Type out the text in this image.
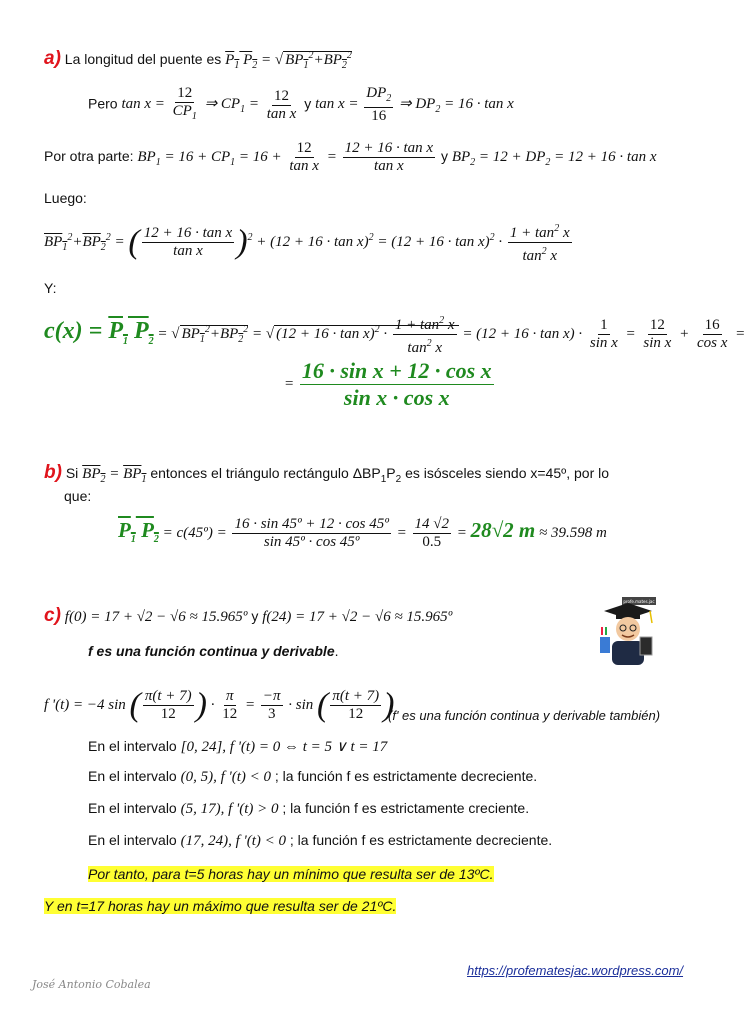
a) La longitud del puente es $P_1$ $P_2$ = √ $BP_1^2+BP_2^2$
Pero $\tan x = \frac{12}{CP_1}$ ⇒ $CP_1 = \frac{12}{\text{tan x}}$ y $\tan x = \frac{DP_2}{16}$ ⇒ $DP_2 = 16 \cdot \tan x$
Por otra parte: $BP_1 = 16 + CP_1 = 16 + \frac{12}{\text{tan x}} = \frac{\text{12 + 16 · tan x}}{\text{tan x}}$ y $BP_2 = 12 + DP_2 = 12 + 16 \cdot \tan x$
Luego:
$BP_1^2+BP_2^2$ = ( $\frac{\text{12 + 16 · tan x}}{\text{tan x}} )^2 + (12 + 16 \cdot \tan x)^2 = (12 + 16 \cdot \tan x)^2 \cdot \frac{1 + \tan^2 x}{\tan^2 x}$
Y:
$c(x) = P_1$ $P_2$ = √ $BP_1^2+BP_2^2$ = √ $(12 + 16 \cdot \tan x)^2 \cdot \frac{1 + \tan^2 x}{\tan^2 x} = (12 + 16 \cdot \tan x) \cdot \frac{1}{\text{sin x}} = \frac{12}{\text{sin x}} + \frac{16}{\text{cos x}}$ =
= $\frac{\text{16 · sin x + 12 · cos x}}{\text{sin x · cos x}}$
b) Si $BP_2 = BP_1$ entonces el triángulo rectángulo $\Delta BP_1P_2$ es isósceles siendo x=45º, por lo
que:
$P_1$ $P_2$ = c(45º) = $\frac{\text{16 · sin 45º + 12 · cos 45º}}{\text{sin 45º · cos 45º}} = \frac{14 √2}{0.5} = 28√2$ m ≈ 39.598 m
c) f(0) = 17 + √2 − √6 ≈ 15.965º y f(24) = 17 + √2 − √6 ≈ 15.965º
profe.mates.jac
f es una función continua y derivable.
f '(t) = −4 sin ( $\frac{\pi(t + 7)}{12}$ ) · $\frac{\pi}{12} = \frac{-\pi}{3} \cdot \sin$ ( $\frac{\pi(t + 7)}{12}$ )
(f' es una función continua y derivable también)
En el intervalo [0, 24], f '(t) = 0 ⇔ t = 5 ∨ t = 17
En el intervalo (0, 5), f '(t) < 0 ; la función f es estrictamente decreciente.
En el intervalo (5, 17), f '(t) > 0 ; la función f es estrictamente creciente.
En el intervalo (17, 24), f '(t) < 0 ; la función f es estrictamente decreciente.
Por tanto, para t=5 horas hay un mínimo que resulta ser de 13ºC.
Y en t=17 horas hay un máximo que resulta ser de 21ºC.
https://profematesjac.wordpress.com/
José Antonio Cobalea
